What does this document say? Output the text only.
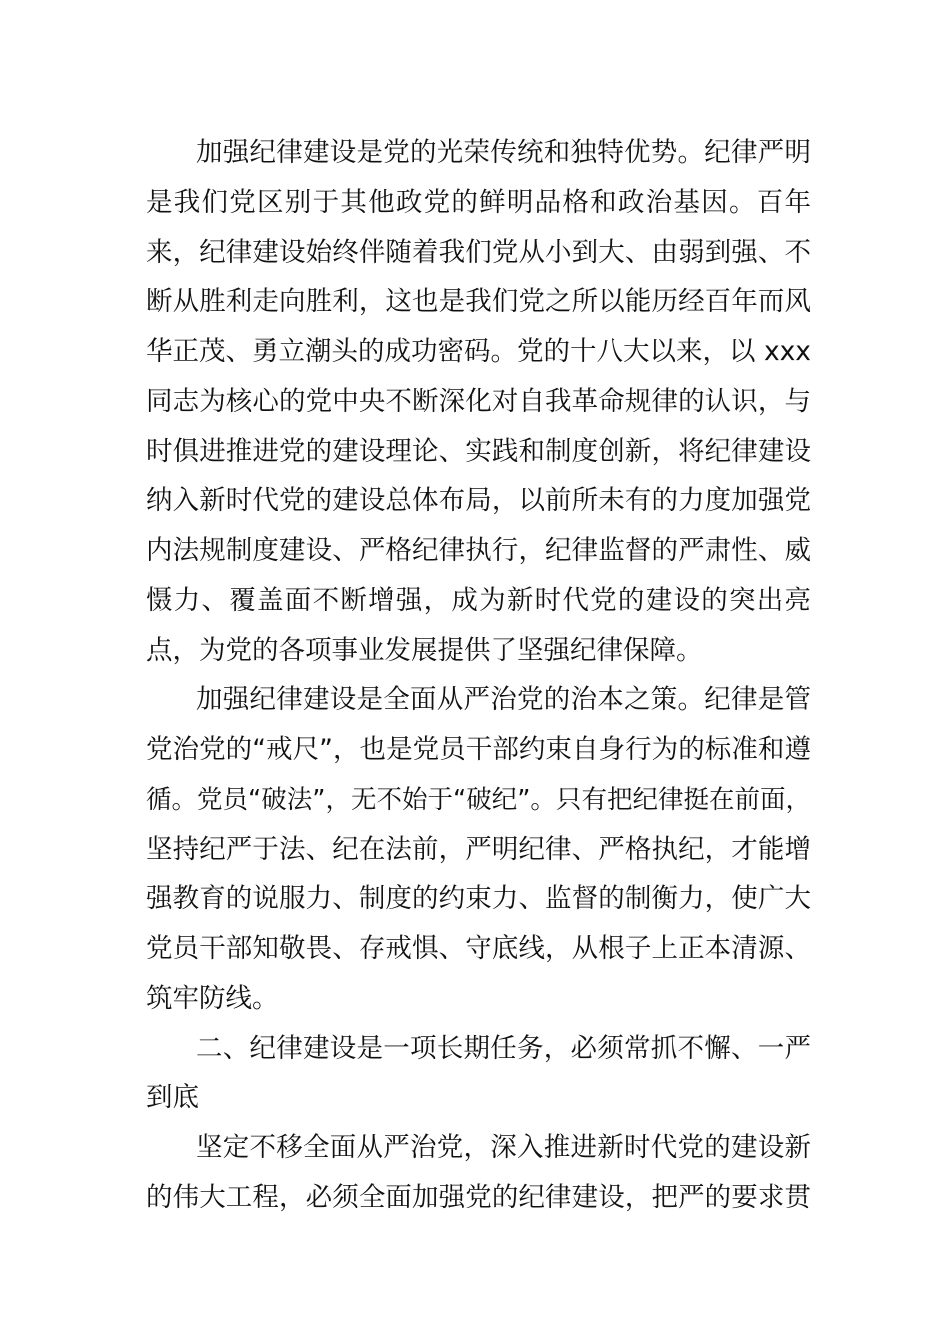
加强纪律建设是党的光荣传统和独特优势。纪律严明
是我们党区别于其他政党的鲜明品格和政治基因。百年
来，纪律建设始终伴随着我们党从小到大、由弱到强、不
断从胜利走向胜利，这也是我们党之所以能历经百年而风
华正茂、勇立潮头的成功密码。党的十八大以来，以 xxx
同志为核心的党中央不断深化对自我革命规律的认识，与
时俱进推进党的建设理论、实践和制度创新，将纪律建设
纳入新时代党的建设总体布局，以前所未有的力度加强党
内法规制度建设、严格纪律执行，纪律监督的严肃性、威
慑力、覆盖面不断增强，成为新时代党的建设的突出亮
点，为党的各项事业发展提供了坚强纪律保障。
加强纪律建设是全面从严治党的治本之策。纪律是管
党治党的“戒尺”，也是党员干部约束自身行为的标准和遵
循。党员“破法”，无不始于“破纪”。只有把纪律挺在前面，
坚持纪严于法、纪在法前，严明纪律、严格执纪，才能增
强教育的说服力、制度的约束力、监督的制衡力，使广大
党员干部知敬畏、存戒惧、守底线，从根子上正本清源、
筑牢防线。
二、纪律建设是一项长期任务，必须常抓不懈、一严
到底
坚定不移全面从严治党，深入推进新时代党的建设新
的伟大工程，必须全面加强党的纪律建设，把严的要求贯
